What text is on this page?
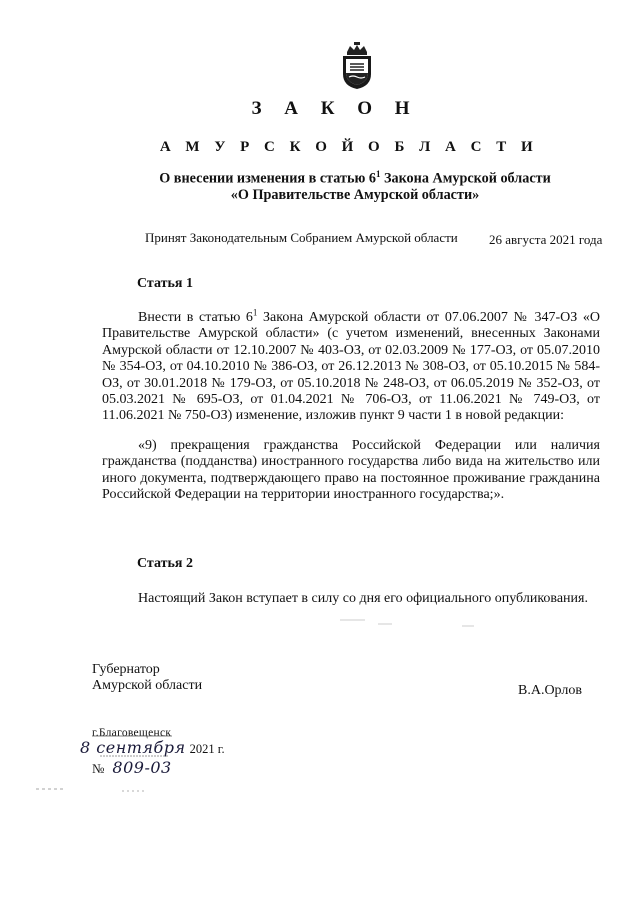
З А К О Н
А М У Р С К О Й О Б Л А С Т И
О внесении изменения в статью $6^1$ Закона Амурской области
«О Правительстве Амурской области»
Принят Законодательным Собранием Амурской области 26 августа 2021 года
Статья 1

Внести в статью $6^1$ Закона Амурской области от 07.06.2007 № 347-ОЗ «О Правительстве Амурской области» (с учетом изменений, внесенных Законами Амурской области от 12.10.2007 № 403-ОЗ, от 02.03.2009 № 177-ОЗ, от 05.07.2010 № 354-ОЗ, от 04.10.2010 № 386-ОЗ, от 26.12.2013 № 308-ОЗ, от 05.10.2015 № 584-ОЗ, от 30.01.2018 № 179-ОЗ, от 05.10.2018 № 248-ОЗ, от 06.05.2019 № 352-ОЗ, от 05.03.2021 № 695-ОЗ, от 01.04.2021 № 706-ОЗ, от 11.06.2021 № 749-ОЗ, от 11.06.2021 № 750-ОЗ) изменение, изложив пункт 9 части 1 в новой редакции:

«9) прекращения гражданства Российской Федерации или наличия гражданства (подданства) иностранного государства либо вида на жительство или иного документа, подтверждающего право на постоянное проживание гражданина Российской Федерации на территории иностранного государства;».

Статья 2

Настоящий Закон вступает в силу со дня его официального опубликования.

Губернатор
Амурской области	В.А.Орлов
г.Благовещенск
8 сентября 2021 г.
№ 809-03
